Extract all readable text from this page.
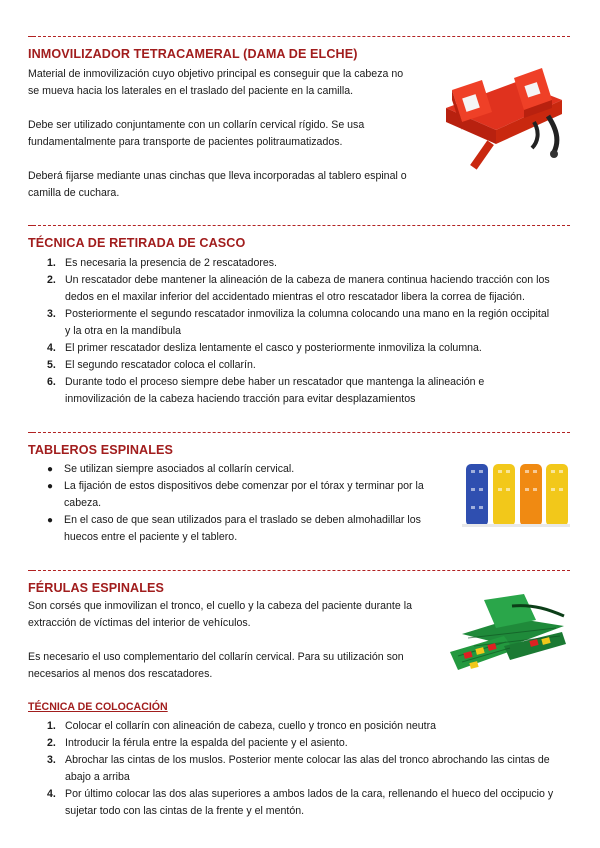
INMOVILIZADOR TETRACAMERAL (DAMA DE ELCHE)

Material de inmovilización cuyo objetivo principal es conseguir que la cabeza no
se mueva hacia los laterales en el traslado del paciente en la camilla.

Debe ser utilizado conjuntamente con un collarín cervical rígido. Se usa
fundamentalmente para transporte de pacientes politraumatizados.

Deberá fijarse mediante unas cinchas que lleva incorporadas al tablero espinal o
camilla de cuchara.

TÉCNICA DE RETIRADA DE CASCO
1. Es necesaria la presencia de 2 rescatadores.
2. Un rescatador debe mantener la alineación de la cabeza de manera continua haciendo tracción con los
dedos en el maxilar inferior del accidentado mientras el otro rescatador libera la correa de fijación.
3. Posteriormente el segundo rescatador inmoviliza la columna colocando una mano en la región occipital
y la otra en la mandíbula
4. El primer rescatador desliza lentamente el casco y posteriormente inmoviliza la columna.
5. El segundo rescatador coloca el collarín.
6. Durante todo el proceso siempre debe haber un rescatador que mantenga la alineación e
inmovilización de la cabeza haciendo tracción para evitar desplazamientos
TABLEROS ESPINALES
● Se utilizan siempre asociados al collarín cervical.
● La fijación de estos dispositivos debe comenzar por el tórax y terminar por la
cabeza.
● En el caso de que sean utilizados para el traslado se deben almohadillar los
huecos entre el paciente y el tablero.
FÉRULAS ESPINALES

Son corsés que inmovilizan el tronco, el cuello y la cabeza del paciente durante la
extracción de víctimas del interior de vehículos.

Es necesario el uso complementario del collarín cervical. Para su utilización son
necesarios al menos dos rescatadores.

TÉCNICA DE COLOCACIÓN
1. Colocar el collarín con alineación de cabeza, cuello y tronco en posición neutra
2. Introducir la férula entre la espalda del paciente y el asiento.
3. Abrochar las cintas de los muslos. Posterior mente colocar las alas del tronco abrochando las cintas de
abajo a arriba
4. Por último colocar las dos alas superiores a ambos lados de la cara, rellenando el hueco del occipucio y
sujetar todo con las cintas de la frente y el mentón.
